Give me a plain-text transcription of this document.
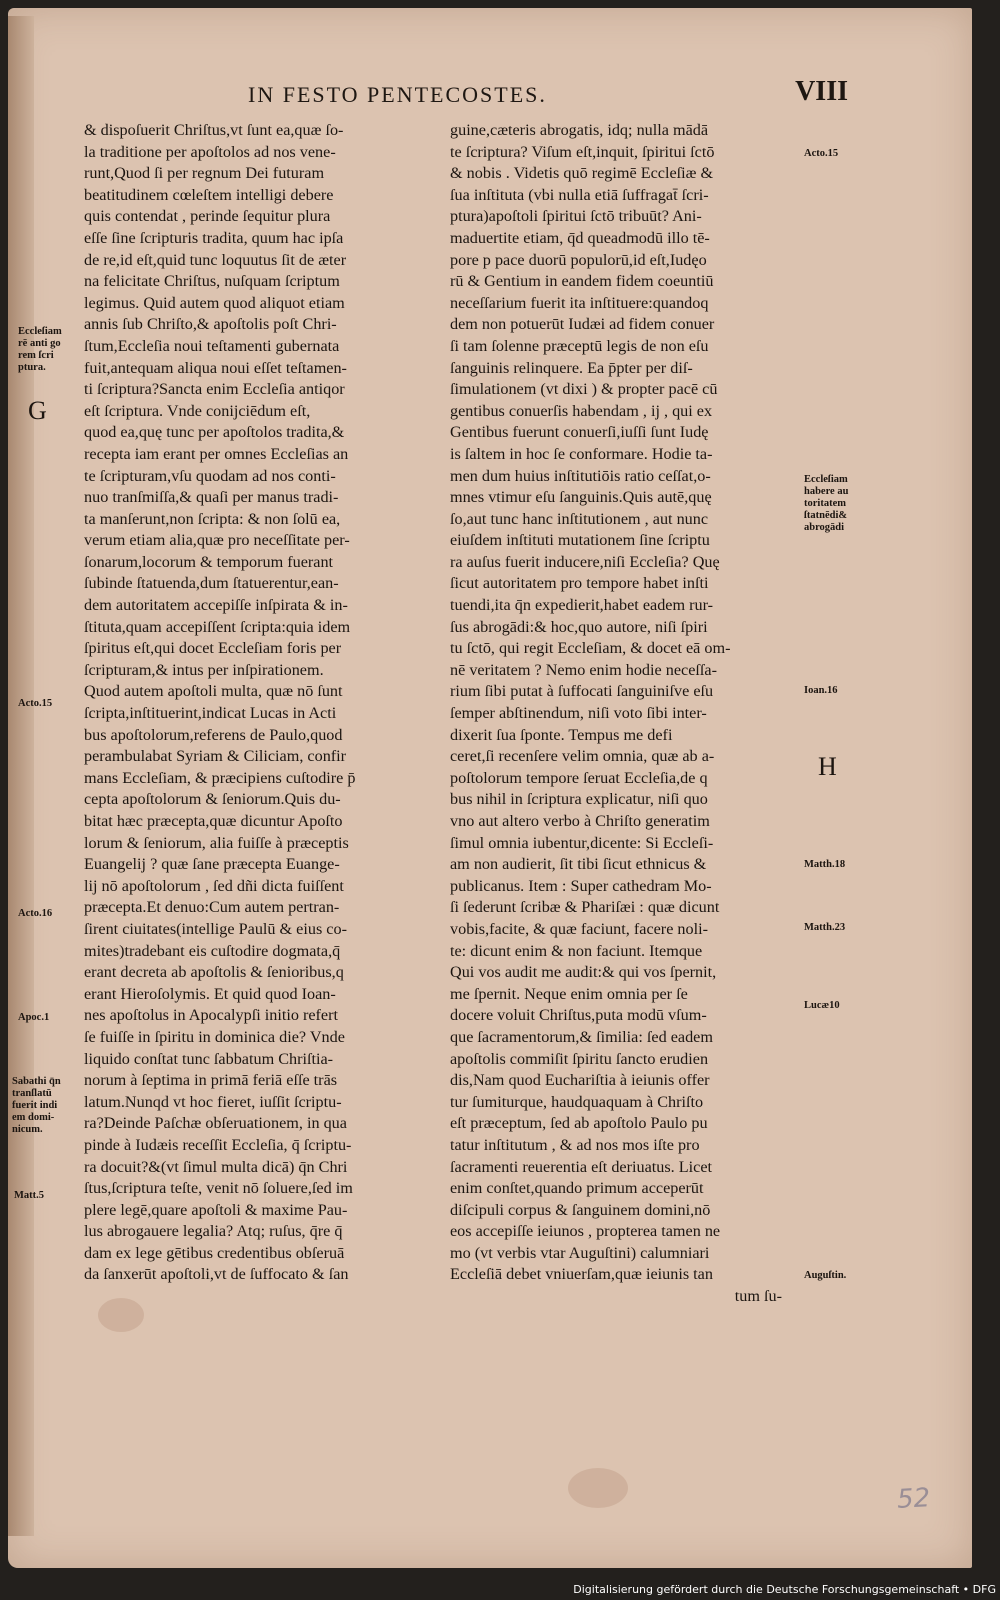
IN FESTO PENTECOSTES.	VIII
& dispoſuerit Chriſtus,vt ſunt ea,quæ ſo-
la traditione per apoſtolos ad nos vene-
runt,Quod ſi per regnum Dei futuram
beatitudinem cœleſtem intelligi debere
quis contendat , perinde ſequitur plura
eſſe ſine ſcripturis tradita, quum hac ipſa
de re,id eſt,quid tunc loquutus ſit de æter
na felicitate Chriſtus, nuſquam ſcriptum
legimus. Quid autem quod aliquot etiam
annis ſub Chriſto,& apoſtolis poſt Chri-
ſtum,Eccleſia noui teſtamenti gubernata
fuit,antequam aliqua noui eſſet teſtamen-
ti ſcriptura?Sancta enim Eccleſia antiqor
eſt ſcriptura. Vnde conijciēdum eſt,
quod ea,quę tunc per apoſtolos tradita,&
recepta iam erant per omnes Eccleſias an
te ſcripturam,vſu quodam ad nos conti-
nuo tranſmiſſa,& quaſi per manus tradi-
ta manſerunt,non ſcripta: & non ſolū ea,
verum etiam alia,quæ pro neceſſitate per-
ſonarum,locorum & temporum fuerant
ſubinde ſtatuenda,dum ſtatuerentur,ean-
dem autoritatem accepiſſe inſpirata & in-
ſtituta,quam accepiſſent ſcripta:quia idem
ſpiritus eſt,qui docet Eccleſiam foris per
ſcripturam,& intus per inſpirationem.
Quod autem apoſtoli multa, quæ nō ſunt
ſcripta,inſtituerint,indicat Lucas in Acti
bus apoſtolorum,referens de Paulo,quod
perambulabat Syriam & Ciliciam, confir
mans Eccleſiam, & præcipiens cuſtodire p̄
cepta apoſtolorum & ſeniorum.Quis du-
bitat hæc præcepta,quæ dicuntur Apoſto
lorum & ſeniorum, alia fuiſſe à præceptis
Euangelij ? quæ ſane præcepta Euange-
lij nō apoſtolorum , ſed dñi dicta fuiſſent
præcepta.Et denuo:Cum autem pertran-
ſirent ciuitates(intellige Paulū & eius co-
mites)tradebant eis cuſtodire dogmata,q̄
erant decreta ab apoſtolis & ſenioribus,q
erant Hieroſolymis. Et quid quod Ioan-
nes apoſtolus in Apocalypſi initio refert
ſe fuiſſe in ſpiritu in dominica die? Vnde
liquido conſtat tunc ſabbatum Chriſtia-
norum à ſeptima in primā feriā eſſe trās
latum.Nunqd vt hoc fieret, iuſſit ſcriptu-
ra?Deinde Paſchæ obſeruationem, in qua
pinde à Iudæis receſſit Eccleſia, q̄ ſcriptu-
ra docuit?&(vt ſimul multa dicā) q̄n Chri
ſtus,ſcriptura teſte, venit nō ſoluere,ſed im
plere legē,quare apoſtoli & maxime Pau-
lus abrogauere legalia? Atq; ruſus, q̄re q̄
dam ex lege gētibus credentibus obſeruā
da ſanxerūt apoſtoli,vt de ſuffocato & ſan
guine,cæteris abrogatis, idq; nulla mādā
te ſcriptura? Viſum eſt,inquit, ſpiritui ſctō
& nobis . Videtis quō regimē Eccleſiæ &
ſua inſtituta (vbi nulla etiā ſuffragat̄ ſcri-
ptura)apoſtoli ſpiritui ſctō tribuūt? Ani-
maduertite etiam, q̄d queadmodū illo tē-
pore p pace duorū populorū,id eſt,Iudęo
rū & Gentium in eandem fidem coeuntiū
neceſſarium fuerit ita inſtituere:quandoq
dem non potuerūt Iudæi ad fidem conuer
ſi tam ſolenne præceptū legis de non eſu
ſanguinis relinquere. Ea p̄pter per diſ-
ſimulationem (vt dixi ) & propter pacē cū
gentibus conuerſis habendam , ij , qui ex
Gentibus fuerunt conuerſi,iuſſi ſunt Iudę
is ſaltem in hoc ſe conformare. Hodie ta-
men dum huius inſtitutiōis ratio ceſſat,o-
mnes vtimur eſu ſanguinis.Quis autē,quę
ſo,aut tunc hanc inſtitutionem , aut nunc
eiuſdem inſtituti mutationem ſine ſcriptu
ra auſus fuerit inducere,niſi Eccleſia? Quę
ſicut autoritatem pro tempore habet inſti
tuendi,ita q̄n expedierit,habet eadem rur-
ſus abrogādi:& hoc,quo autore, niſi ſpiri
tu ſctō, qui regit Eccleſiam, & docet eā om-
nē veritatem ? Nemo enim hodie neceſſa-
rium ſibi putat à ſuffocati ſanguiniſve eſu
ſemper abſtinendum, niſi voto ſibi inter-
dixerit ſua ſponte. Tempus me defi
ceret,ſi recenſere velim omnia, quæ ab a-
poſtolorum tempore ſeruat Eccleſia,de q
bus nihil in ſcriptura explicatur, niſi quo
vno aut altero verbo à Chriſto generatim
ſimul omnia iubentur,dicente: Si Eccleſi-
am non audierit, ſit tibi ſicut ethnicus &
publicanus. Item : Super cathedram Mo-
ſi ſederunt ſcribæ & Phariſæi : quæ dicunt
vobis,facite, & quæ faciunt, facere noli-
te: dicunt enim & non faciunt. Itemque
Qui vos audit me audit:& qui vos ſpernit,
me ſpernit. Neque enim omnia per ſe
docere voluit Chriſtus,puta modū vſum-
que ſacramentorum,& ſimilia: ſed eadem
apoſtolis commiſit ſpiritu ſancto erudien
dis,Nam quod Euchariſtia à ieiunis offer
tur ſumiturque, haudquaquam à Chriſto
eſt præceptum, ſed ab apoſtolo Paulo pu
tatur inſtitutum , & ad nos mos iſte pro
ſacramenti reuerentia eſt deriuatus. Licet
enim conſtet,quando primum acceperūt
diſcipuli corpus & ſanguinem domini,nō
eos accepiſſe ieiunos , propterea tamen ne
mo (vt verbis vtar Auguſtini) calumniari
Eccleſiā debet vniuerſam,quæ ieiunis tan
tum ſu-
Eccleſiam
rē anti go
rem ſcri
ptura.
Acto.15
Acto.16
Apoc.1
Sabathi q̄n
tranſlatū
fuerit indi
em domi-
nicum.
Matt.5
Acto.15
Eccleſiam
habere au
toritatem
ſtatnēdi&
abrogādi
Ioan.16
Matth.18
Matth.23
Lucæ10
Auguſtin.
G
H
52
Digitalisierung gefördert durch die Deutsche Forschungsgemeinschaft • DFG
